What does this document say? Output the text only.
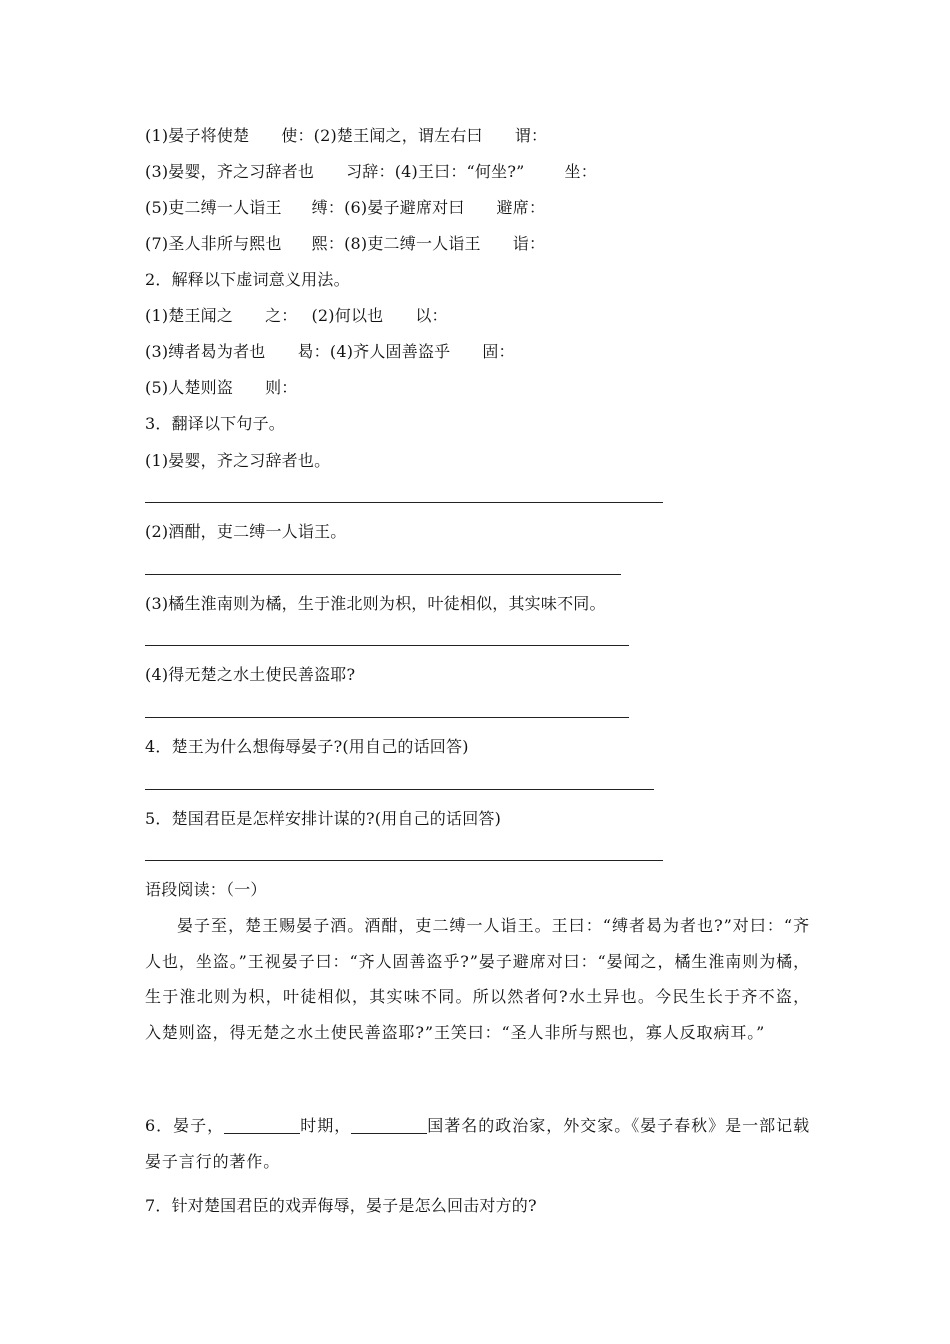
(1)晏子将使楚 使：(2)楚王闻之，谓左右曰 谓：
(3)晏婴，齐之习辞者也 习辞：(4)王曰：“何坐?”	坐：
(5)吏二缚一人诣王 缚：(6)晏子避席对曰 避席：
(7)圣人非所与熙也 熙：(8)吏二缚一人诣王 诣：
2．解释以下虚词意义用法。
(1)楚王闻之 之： (2)何以也 以：
(3)缚者曷为者也 曷：(4)齐人固善盗乎 固：
(5)人楚则盗 则：
3．翻译以下句子。
(1)晏婴，齐之习辞者也。
(2)酒酣，吏二缚一人诣王。
(3)橘生淮南则为橘，生于淮北则为枳，叶徒相似，其实味不同。
(4)得无楚之水土使民善盗耶?
4．楚王为什么想侮辱晏子?(用自己的话回答)
5．楚国君臣是怎样安排计谋的?(用自己的话回答)
语段阅读：（一）
晏子至，楚王赐晏子酒。酒酣，吏二缚一人诣王。王曰：“缚者曷为者也?”对曰：“齐人也，坐盗。”王视晏子曰：“齐人固善盗乎?”晏子避席对曰：“晏闻之，橘生淮南则为橘，生于淮北则为枳，叶徒相似，其实味不同。所以然者何?水土异也。今民生长于齐不盗，入楚则盗，得无楚之水土使民善盗耶?”王笑曰：“圣人非所与熙也，寡人反取病耳。”
6．晏子，	时期，	国著名的政治家，外交家。《晏子春秋》是一部记载晏子言行的著作。
7．针对楚国君臣的戏弄侮辱，晏子是怎么回击对方的?
